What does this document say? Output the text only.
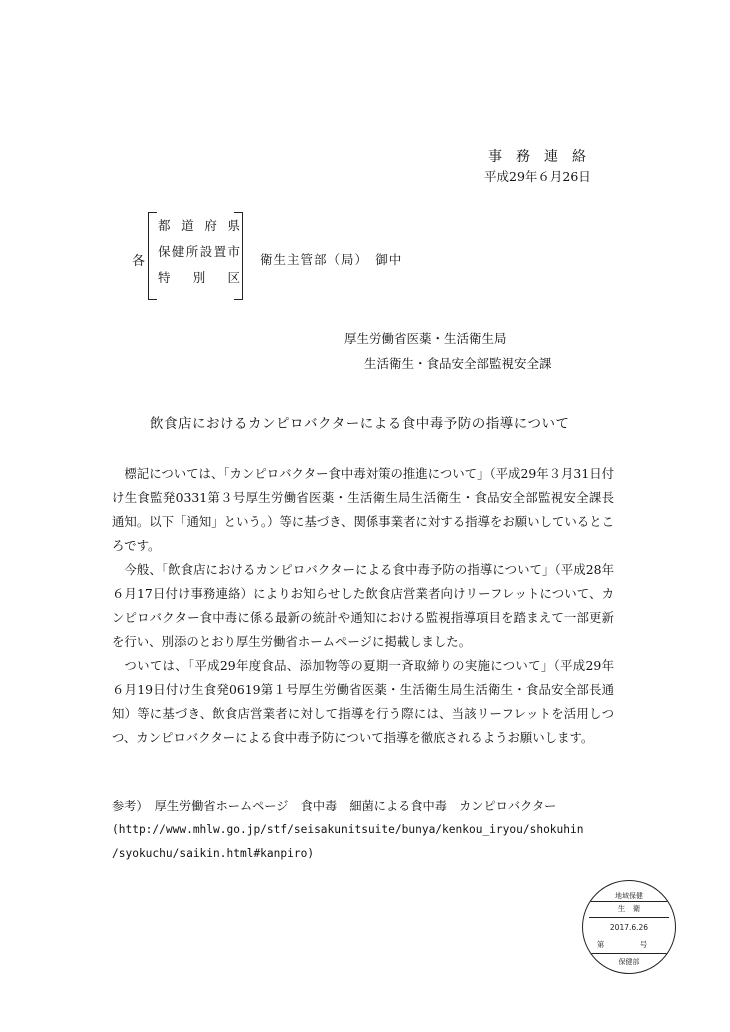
事務連絡
平成29年６月26日
各
都道府県
保健所設置市
特別区
衛生主管部（局）　御中
厚生労働省医薬・生活衛生局
生活衛生・食品安全部監視安全課
飲食店におけるカンピロバクターによる食中毒予防の指導について

標記については、「カンピロバクター食中毒対策の推進について」（平成29年３月31日付け生食監発0331第３号厚生労働省医薬・生活衛生局生活衛生・食品安全部監視安全課長通知。以下「通知」という。）等に基づき、関係事業者に対する指導をお願いしているところです。

今般、「飲食店におけるカンピロバクターによる食中毒予防の指導について」（平成28年６月17日付け事務連絡）によりお知らせした飲食店営業者向けリーフレットについて、カンピロバクター食中毒に係る最新の統計や通知における監視指導項目を踏まえて一部更新を行い、別添のとおり厚生労働省ホームページに掲載しました。

ついては、「平成29年度食品、添加物等の夏期一斉取締りの実施について」（平成29年６月19日付け生食発0619第１号厚生労働省医薬・生活衛生局生活衛生・食品安全部長通知）等に基づき、飲食店営業者に対して指導を行う際には、当該リーフレットを活用しつつ、カンピロバクターによる食中毒予防について指導を徹底されるようお願いします。

参考）　 厚生労働省ホームページ　食中毒　細菌による食中毒　カンピロバクター
(http://www.mhlw.go.jp/stf/seisakunitsuite/bunya/kenkou_iryou/shokuhin
/syokuchu/saikin.html#kanpiro)
地域保健
生　衛
2017.6.26
第　号
保健部
